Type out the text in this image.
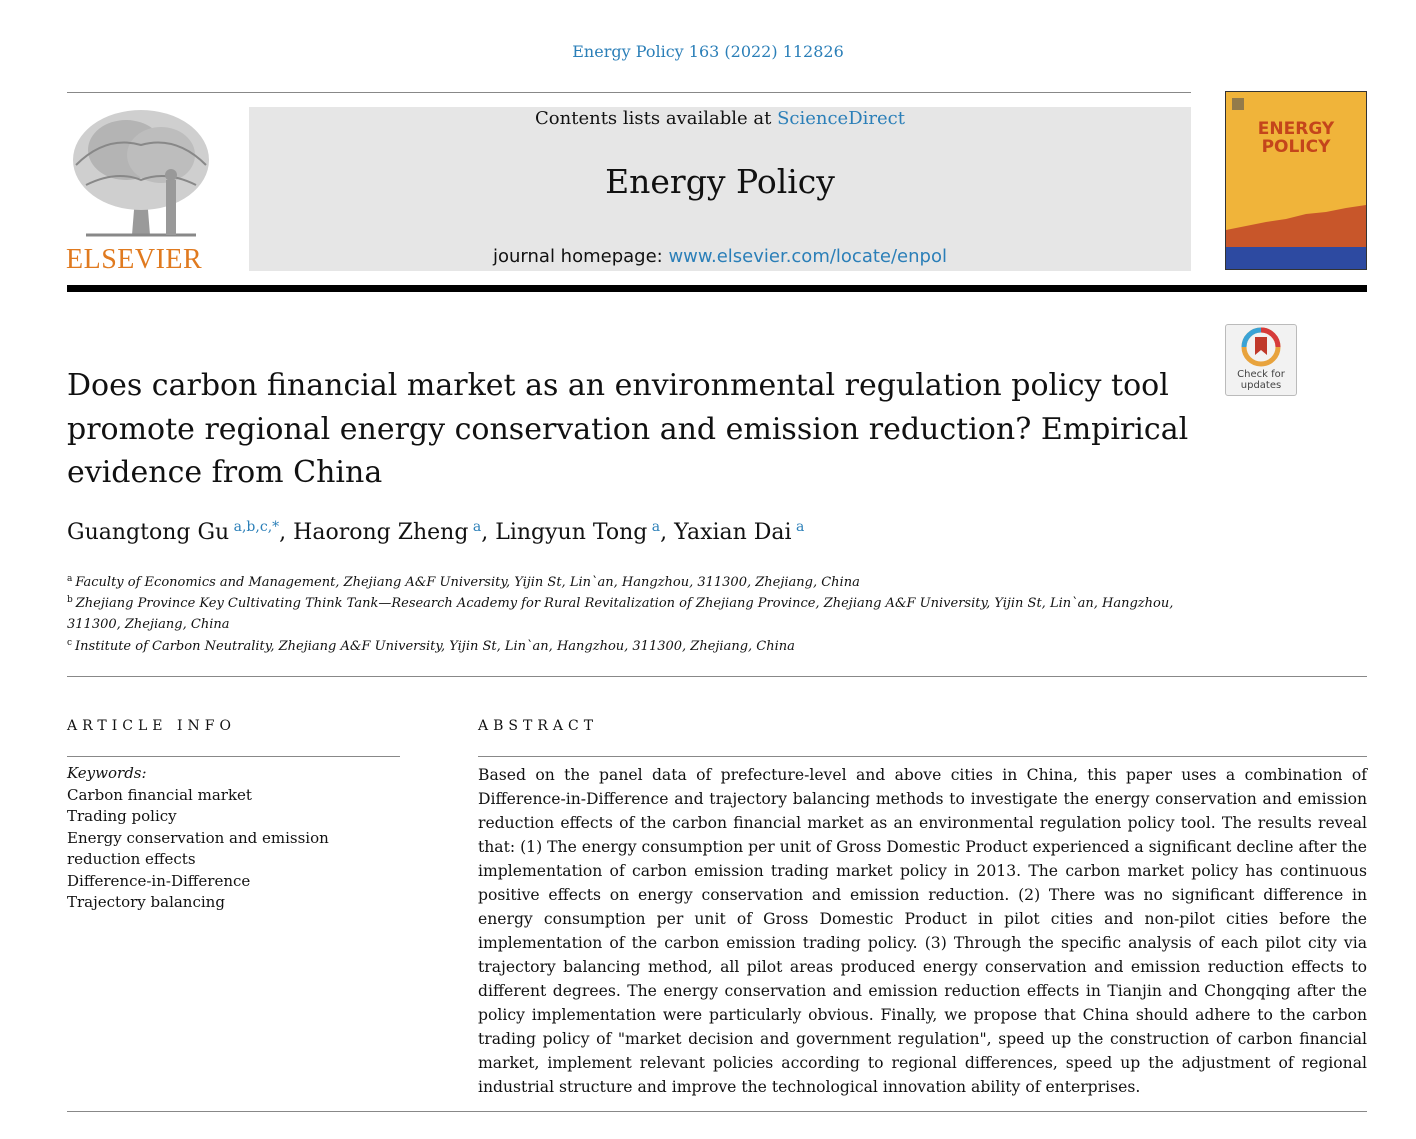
Energy Policy 163 (2022) 112826
ELSEVIER
Contents lists available at ScienceDirect
Energy Policy
journal homepage: www.elsevier.com/locate/enpol
ENERGY
POLICY
Check for
updates
Does carbon financial market as an environmental regulation policy tool promote regional energy conservation and emission reduction? Empirical evidence from China
Guangtong Gu $^{a,b,c,*}$, Haorong Zheng $^a$, Lingyun Tong $^a$, Yaxian Dai $^a$
$^a$ Faculty of Economics and Management, Zhejiang A&F University, Yijin St, Lin`an, Hangzhou, 311300, Zhejiang, China
$^b$ Zhejiang Province Key Cultivating Think Tank—Research Academy for Rural Revitalization of Zhejiang Province, Zhejiang A&F University, Yijin St, Lin`an, Hangzhou, 311300, Zhejiang, China
$^c$ Institute of Carbon Neutrality, Zhejiang A&F University, Yijin St, Lin`an, Hangzhou, 311300, Zhejiang, China
ARTICLE INFO
Keywords:
Carbon financial market
Trading policy
Energy conservation and emission reduction effects
Difference-in-Difference
Trajectory balancing
ABSTRACT

Based on the panel data of prefecture-level and above cities in China, this paper uses a combination of Difference-in-Difference and trajectory balancing methods to investigate the energy conservation and emission reduction effects of the carbon financial market as an environmental regulation policy tool. The results reveal that: (1) The energy consumption per unit of Gross Domestic Product experienced a significant decline after the implementation of carbon emission trading market policy in 2013. The carbon market policy has continuous positive effects on energy conservation and emission reduction. (2) There was no significant difference in energy consumption per unit of Gross Domestic Product in pilot cities and non-pilot cities before the implementation of the carbon emission trading policy. (3) Through the specific analysis of each pilot city via trajectory balancing method, all pilot areas produced energy conservation and emission reduction effects to different degrees. The energy conservation and emission reduction effects in Tianjin and Chongqing after the policy implementation were particularly obvious. Finally, we propose that China should adhere to the carbon trading policy of "market decision and government regulation", speed up the construction of carbon financial market, implement relevant policies according to regional differences, speed up the adjustment of regional industrial structure and improve the technological innovation ability of enterprises.
